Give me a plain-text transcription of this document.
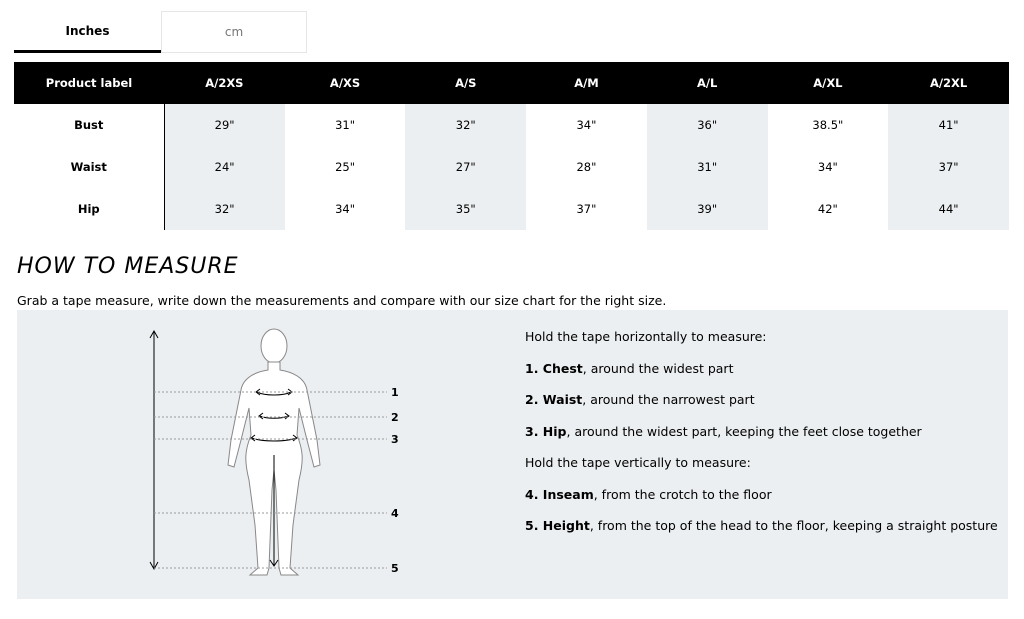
Inches	cm
Product label	A/2XS	A/XS	A/S	A/M	A/L	A/XL	A/2XL
Bust	29"	31"	32"	34"	36"	38.5"	41"
Waist	24"	25"	27"	28"	31"	34"	37"
Hip	32"	34"	35"	37"	39"	42"	44"
HOW TO MEASURE
Grab a tape measure, write down the measurements and compare with our size chart for the right size.
1
2
3
4
5
Hold the tape horizontally to measure:
1. Chest, around the widest part
2. Waist, around the narrowest part
3. Hip, around the widest part, keeping the feet close together
Hold the tape vertically to measure:
4. Inseam, from the crotch to the floor
5. Height, from the top of the head to the floor, keeping a straight posture
